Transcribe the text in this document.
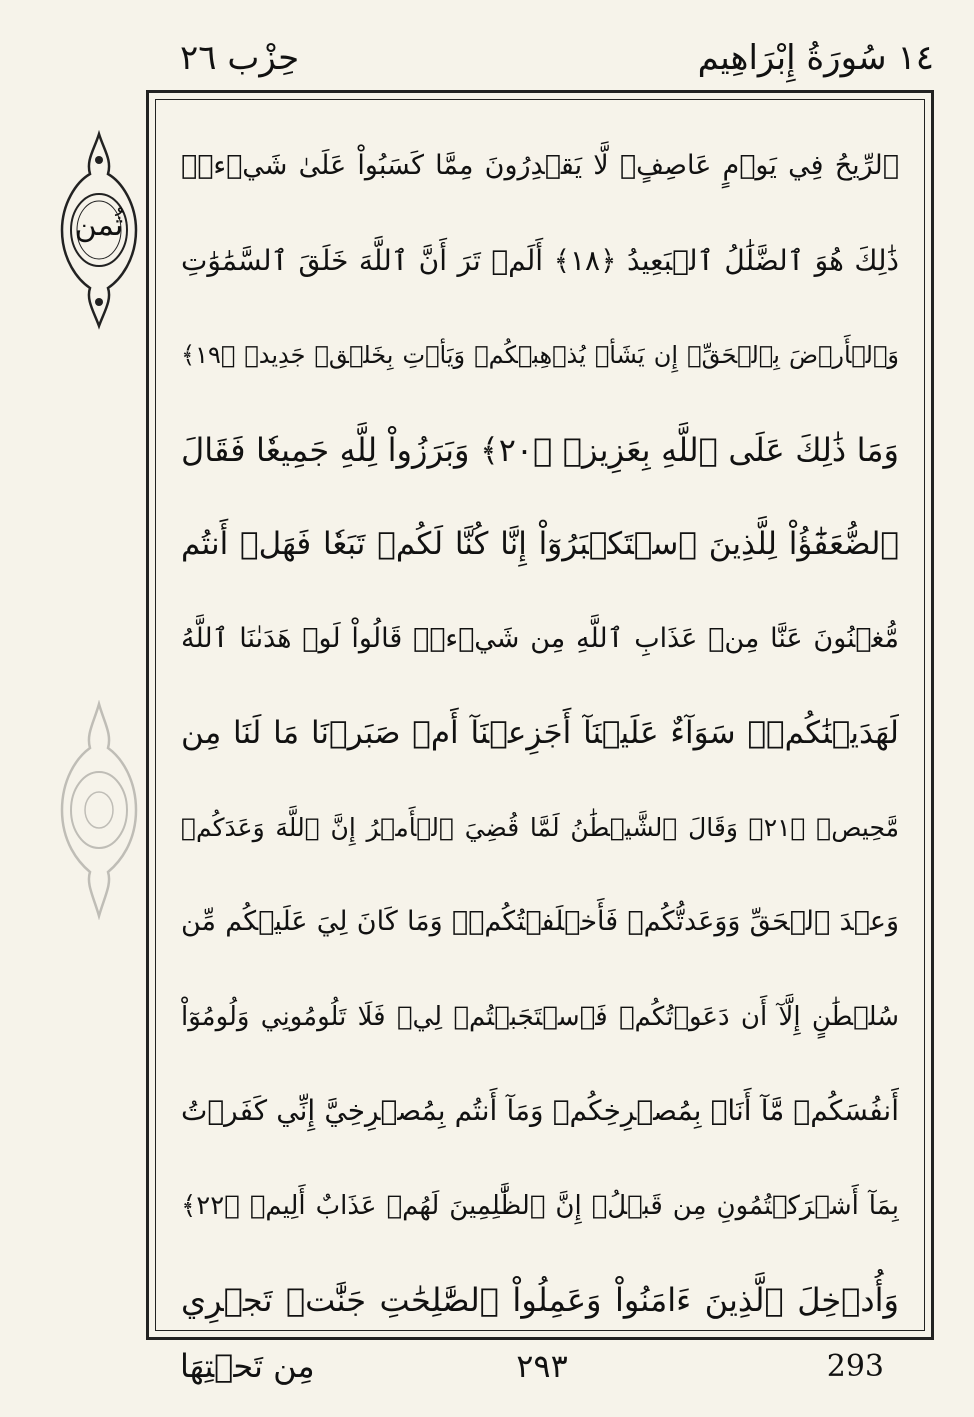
١٤ سُورَةُ إِبْرَاهِيم
حِزْب ٢٦
ثُمن
ٱلرِّيحُ فِي يَوۡمٍ عَاصِفٍۖ لَّا يَقۡدِرُونَ مِمَّا كَسَبُواْ عَلَىٰ شَيۡءٖۚ
ذَٰلِكَ هُوَ ٱلضَّلَٰلُ ٱلۡبَعِيدُ ﴿١٨﴾ أَلَمۡ تَرَ أَنَّ ٱللَّهَ خَلَقَ ٱلسَّمَٰوَٰتِ
وَٱلۡأَرۡضَ بِٱلۡحَقِّۚ إِن يَشَأۡ يُذۡهِبۡكُمۡ وَيَأۡتِ بِخَلۡقٖ جَدِيدٖ ﴿١٩﴾
وَمَا ذَٰلِكَ عَلَى ٱللَّهِ بِعَزِيزٖ ﴿٢٠﴾ وَبَرَزُواْ لِلَّهِ جَمِيعٗا فَقَالَ
ٱلضُّعَفَٰٓؤُاْ لِلَّذِينَ ٱسۡتَكۡبَرُوٓاْ إِنَّا كُنَّا لَكُمۡ تَبَعٗا فَهَلۡ أَنتُم
مُّغۡنُونَ عَنَّا مِنۡ عَذَابِ ٱللَّهِ مِن شَيۡءٖۚ قَالُواْ لَوۡ هَدَىٰنَا ٱللَّهُ
لَهَدَيۡنَٰكُمۡۖ سَوَآءٌ عَلَيۡنَآ أَجَزِعۡنَآ أَمۡ صَبَرۡنَا مَا لَنَا مِن
مَّحِيصٖ ﴿٢١﴾ وَقَالَ ٱلشَّيۡطَٰنُ لَمَّا قُضِيَ ٱلۡأَمۡرُ إِنَّ ٱللَّهَ وَعَدَكُمۡ
وَعۡدَ ٱلۡحَقِّ وَوَعَدتُّكُمۡ فَأَخۡلَفۡتُكُمۡۖ وَمَا كَانَ لِيَ عَلَيۡكُم مِّن
سُلۡطَٰنٍ إِلَّآ أَن دَعَوۡتُكُمۡ فَٱسۡتَجَبۡتُمۡ لِيۖ فَلَا تَلُومُونِي وَلُومُوٓاْ
أَنفُسَكُمۖ مَّآ أَنَا۠ بِمُصۡرِخِكُمۡ وَمَآ أَنتُم بِمُصۡرِخِيَّ إِنِّي كَفَرۡتُ
بِمَآ أَشۡرَكۡتُمُونِ مِن قَبۡلُۗ إِنَّ ٱلظَّٰلِمِينَ لَهُمۡ عَذَابٌ أَلِيمٞ ﴿٢٢﴾
وَأُدۡخِلَ ٱلَّذِينَ ءَامَنُواْ وَعَمِلُواْ ٱلصَّٰلِحَٰتِ جَنَّٰتٖ تَجۡرِي
مِن تَحۡتِهَا	٢٩٣	293
